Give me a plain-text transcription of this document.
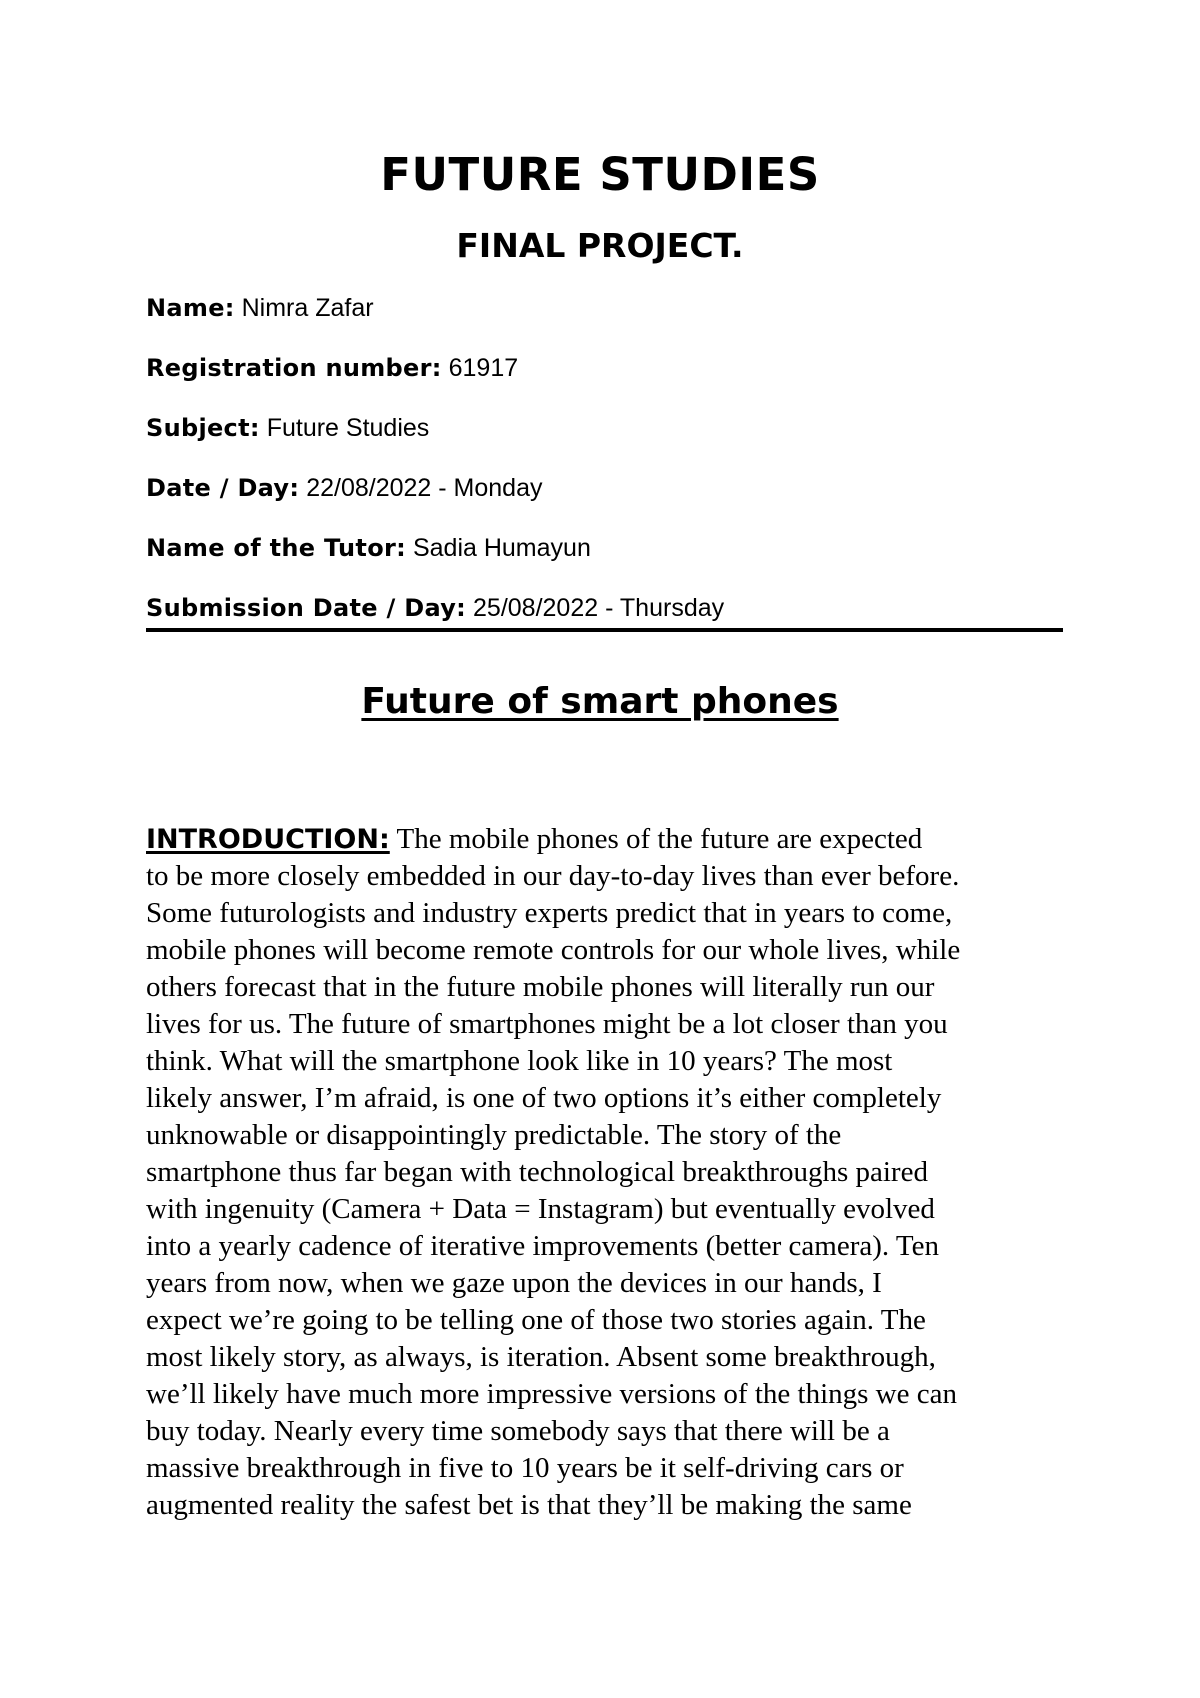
FUTURE STUDIES
FINAL PROJECT.
Name: Nimra Zafar
Registration number: 61917
Subject: Future Studies
Date / Day: 22/08/2022 - Monday
Name of the Tutor: Sadia Humayun
Submission Date / Day: 25/08/2022 - Thursday
Future of smart phones
INTRODUCTION: The mobile phones of the future are expected
to be more closely embedded in our day-to-day lives than ever before.
Some futurologists and industry experts predict that in years to come,
mobile phones will become remote controls for our whole lives, while
others forecast that in the future mobile phones will literally run our
lives for us. The future of smartphones might be a lot closer than you
think. What will the smartphone look like in 10 years? The most
likely answer, I’m afraid, is one of two options it’s either completely
unknowable or disappointingly predictable. The story of the
smartphone thus far began with technological breakthroughs paired
with ingenuity (Camera + Data = Instagram) but eventually evolved
into a yearly cadence of iterative improvements (better camera). Ten
years from now, when we gaze upon the devices in our hands, I
expect we’re going to be telling one of those two stories again. The
most likely story, as always, is iteration. Absent some breakthrough,
we’ll likely have much more impressive versions of the things we can
buy today. Nearly every time somebody says that there will be a
massive breakthrough in five to 10 years be it self-driving cars or
augmented reality the safest bet is that they’ll be making the same
